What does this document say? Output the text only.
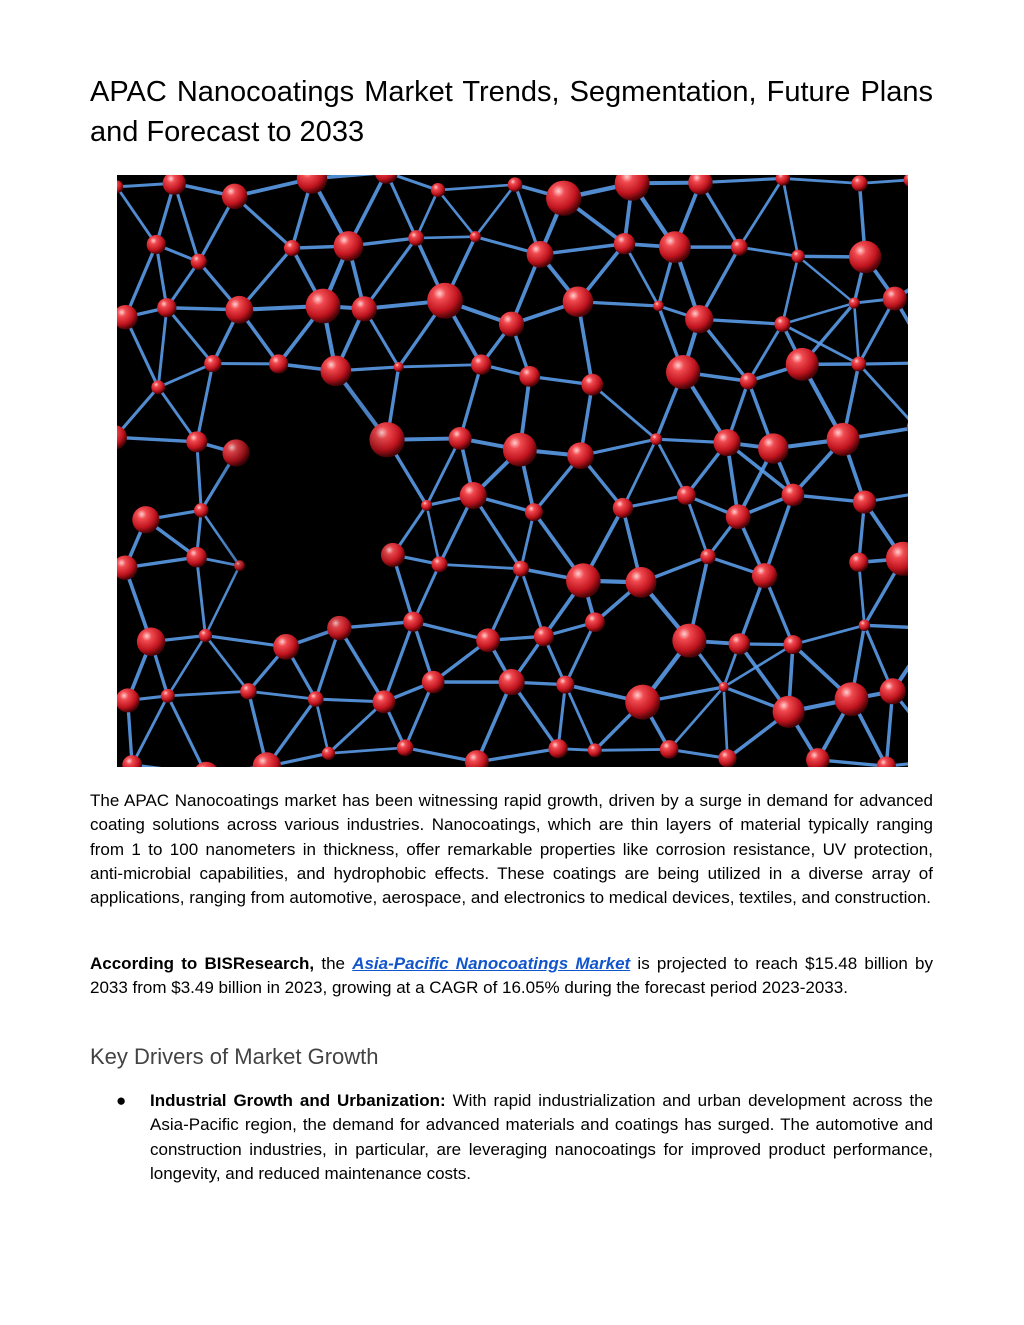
APAC Nanocoatings Market Trends, Segmentation, Future Plans and Forecast to 2033

The APAC Nanocoatings market has been witnessing rapid growth, driven by a surge in demand for advanced coating solutions across various industries. Nanocoatings, which are thin layers of material typically ranging from 1 to 100 nanometers in thickness, offer remarkable properties like corrosion resistance, UV protection, anti-microbial capabilities, and hydrophobic effects. These coatings are being utilized in a diverse array of applications, ranging from automotive, aerospace, and electronics to medical devices, textiles, and construction.

According to BISResearch, the Asia-Pacific Nanocoatings Market is projected to reach $15.48 billion by 2033 from $3.49 billion in 2023, growing at a CAGR of 16.05% during the forecast period 2023-2033.

Key Drivers of Market Growth
● Industrial Growth and Urbanization: With rapid industrialization and urban development across the Asia-Pacific region, the demand for advanced materials and coatings has surged. The automotive and construction industries, in particular, are leveraging nanocoatings for improved product performance, longevity, and reduced maintenance costs.
